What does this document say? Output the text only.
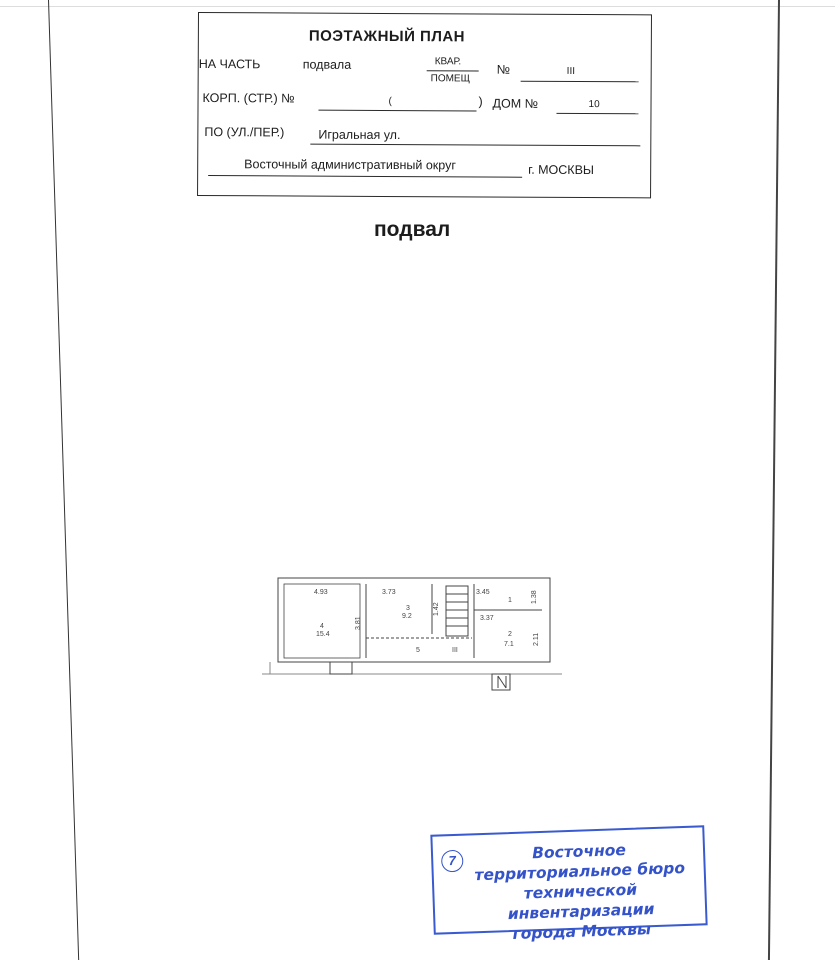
ПОЭТАЖНЫЙ ПЛАН
НА ЧАСТЬ	подвала	КВАР.
ПОМЕЩ
№	III
КОРП. (СТР.) №	(	) ДОМ №	10
ПО (УЛ./ПЕР.)	Игральная ул.
Восточный административный округ	г. МОСКВЫ
подвал
4.93
4
15.4
3.81
3.73
3
9.2
1.42
3.45
1	1.38
3.37
2
7.1	2.11
5	III
7	Восточное
территориальное бюро
технической инвентаризации
города Москвы
